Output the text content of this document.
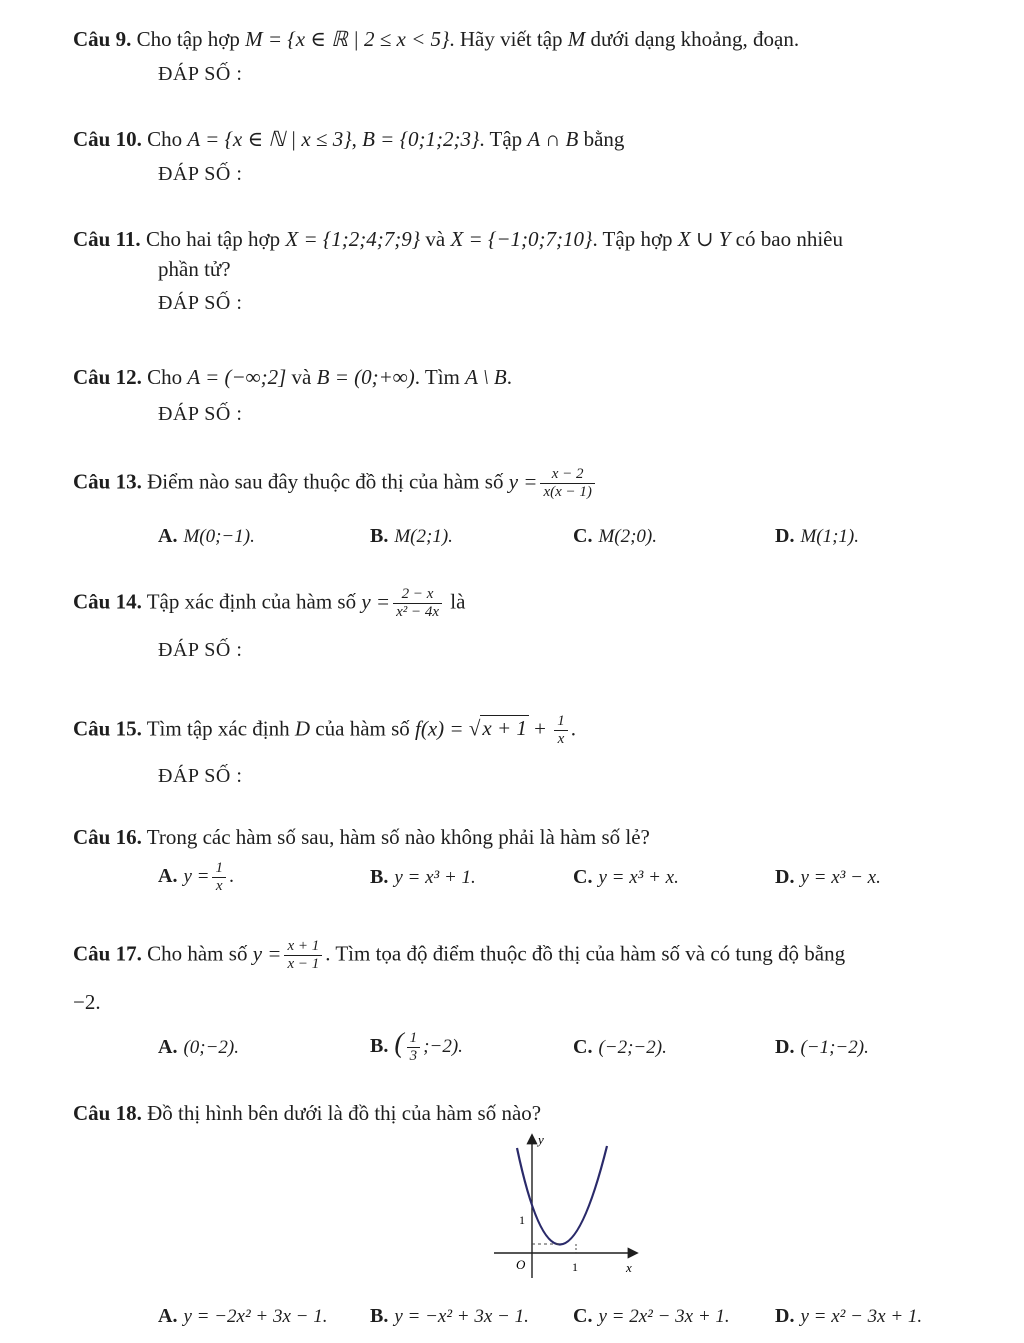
Câu 9. Cho tập hợp M = {x ∈ ℝ | 2 ≤ x < 5}. Hãy viết tập M dưới dạng khoảng, đoạn.
ĐÁP SỐ :
Câu 10. Cho A = {x ∈ ℕ | x ≤ 3}, B = {0;1;2;3}. Tập A ∩ B bằng
ĐÁP SỐ :
Câu 11. Cho hai tập hợp X = {1;2;4;7;9} và X = {−1;0;7;10}. Tập hợp X ∪ Y có bao nhiêu
phần tử?
ĐÁP SỐ :
Câu 12. Cho A = (−∞;2] và B = (0;+∞). Tìm A \ B.
ĐÁP SỐ :
Câu 13. Điểm nào sau đây thuộc đồ thị của hàm số $y = \frac{x - 2}{x(x - 1)}$
A. M(0;−1).	B. M(2;1).	C. M(2;0).	D. M(1;1).
Câu 14. Tập xác định của hàm số $y = \frac{2 - x}{\text{x² − 4x}}$ là
ĐÁP SỐ :
Câu 15. Tìm tập xác định D của hàm số $f(x) = √x + 1 + \frac{1}{x}$ .
ĐÁP SỐ :
Câu 16. Trong các hàm số sau, hàm số nào không phải là hàm số lẻ?
A. $y = \frac{1}{x}$ .	B. y = x³ + 1.	C. y = x³ + x.	D. y = x³ − x.
Câu 17. Cho hàm số $y = \frac{x + 1}{x - 1}$ . Tìm tọa độ điểm thuộc đồ thị của hàm số và có tung độ bằng
−2.
A. (0;−2).	B. ( $\frac{1}{3}$ ;−2).	C. (−2;−2).	D. (−1;−2).
Câu 18. Đồ thị hình bên dưới là đồ thị của hàm số nào?
y
x
O	1
1
A. y = −2x² + 3x − 1. B. y = −x² + 3x − 1. C. y = 2x² − 3x + 1. D. y = x² − 3x + 1.
